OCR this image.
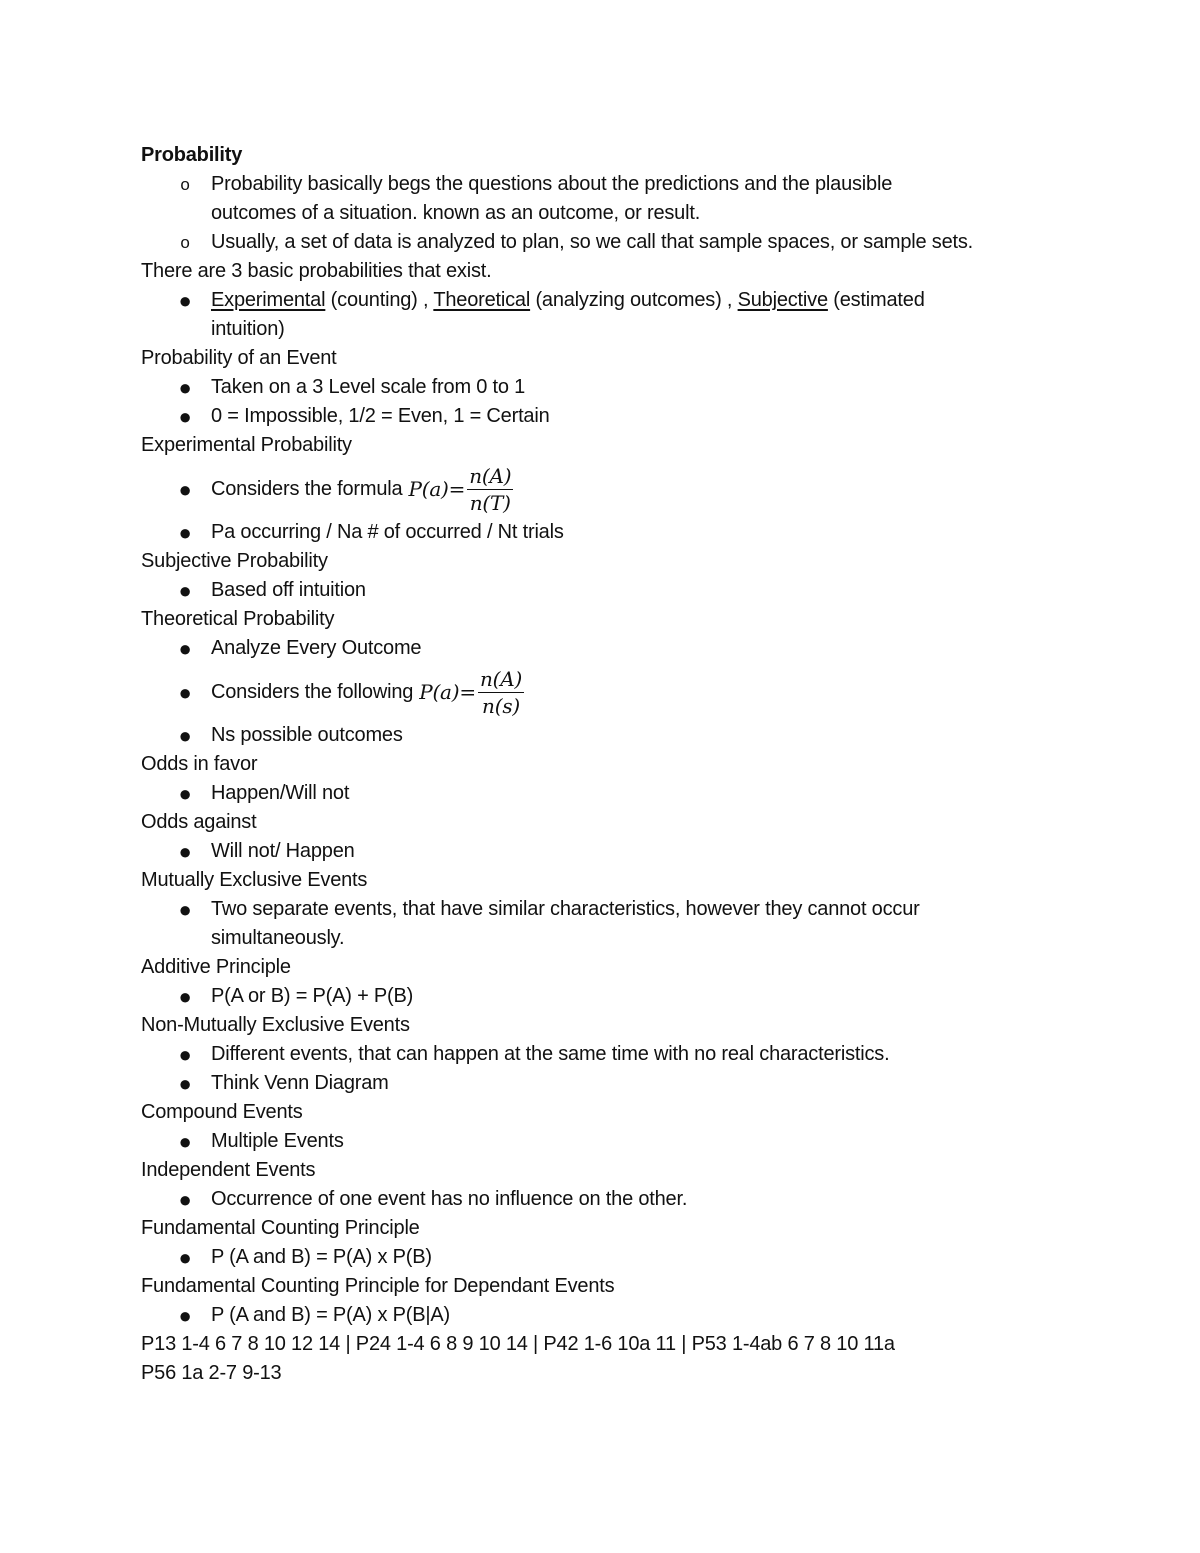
Probability
o Probability basically begs the questions about the predictions and the plausible
outcomes of a situation. known as an outcome, or result.
o Usually, a set of data is analyzed to plan, so we call that sample spaces, or sample sets.
There are 3 basic probabilities that exist.
● Experimental (counting) , Theoretical (analyzing outcomes) , Subjective (estimated
intuition)
Probability of an Event
● Taken on a 3 Level scale from 0 to 1
● 0 = Impossible, 1/2 = Even, 1 = Certain
Experimental Probability
● Considers the formula $P(a)= \frac{n(A)}{n(T)}$
● Pa occurring / Na # of occurred / Nt trials
Subjective Probability
● Based off intuition
Theoretical Probability
● Analyze Every Outcome
● Considers the following $P(a)= \frac{n(A)}{n(s)}$
● Ns possible outcomes
Odds in favor
● Happen/Will not
Odds against
● Will not/ Happen
Mutually Exclusive Events
● Two separate events, that have similar characteristics, however they cannot occur
simultaneously.
Additive Principle
● P(A or B) = P(A) + P(B)
Non-Mutually Exclusive Events
● Different events, that can happen at the same time with no real characteristics.
● Think Venn Diagram
Compound Events
● Multiple Events
Independent Events
● Occurrence of one event has no influence on the other.
Fundamental Counting Principle
● P (A and B) = P(A) x P(B)
Fundamental Counting Principle for Dependant Events
● P (A and B) = P(A) x P(B|A)
P13 1-4 6 7 8 10 12 14 | P24 1-4 6 8 9 10 14 | P42 1-6 10a 11 | P53 1-4ab 6 7 8 10 11a
P56 1a 2-7 9-13
